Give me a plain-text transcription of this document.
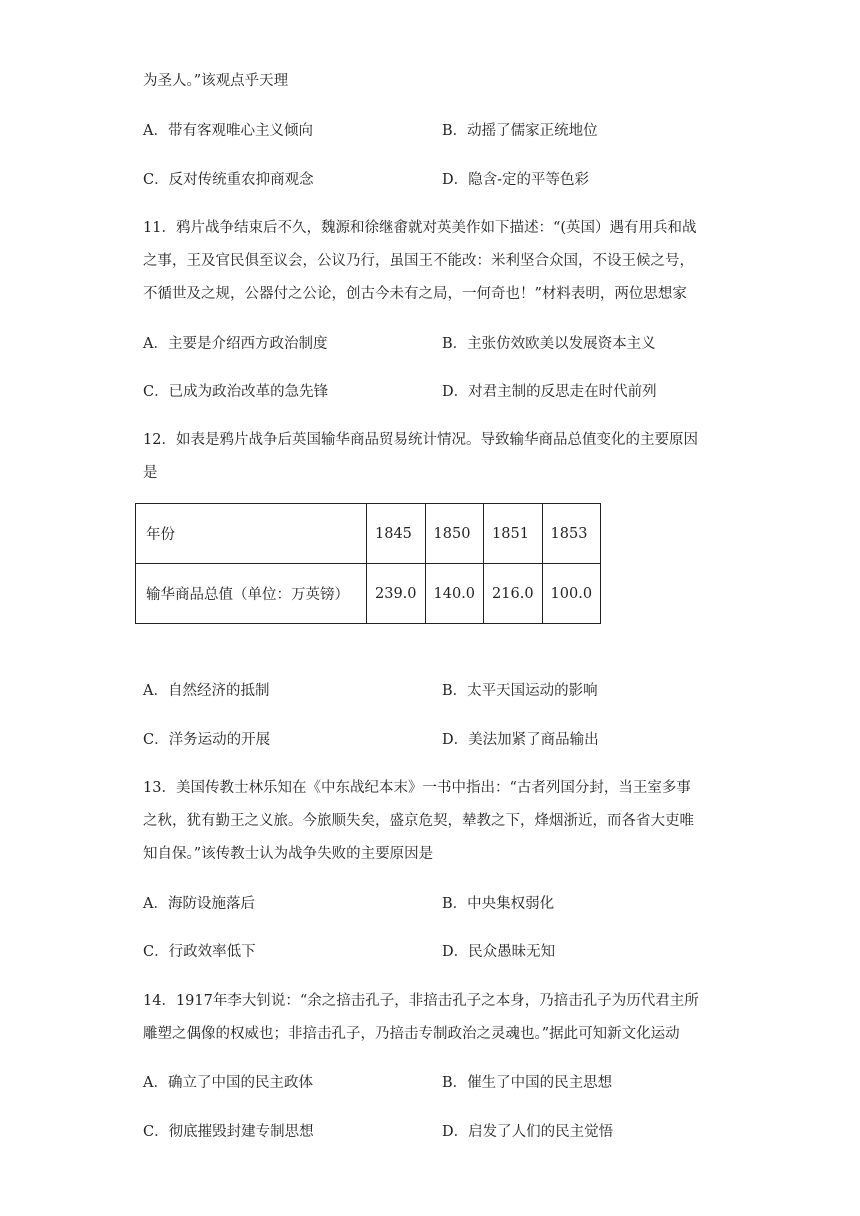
为圣人。”该观点乎天理
A．带有客观唯心主义倾向	B．动摇了儒家正统地位
C．反对传统重农抑商观念	D．隐含-定的平等色彩
11．鸦片战争结束后不久，魏源和徐继畬就对英美作如下描述：“(英国）遇有用兵和战
之事，王及官民俱至议会，公议乃行，虽国王不能改：米利坚合众国，不设王候之号，
不循世及之规，公器付之公论，创古今未有之局，一何奇也！”材料表明，两位思想家
A．主要是介绍西方政治制度	B．主张仿效欧美以发展资本主义
C．已成为政治改革的急先锋	D．对君主制的反思走在时代前列
12．如表是鸦片战争后英国输华商品贸易统计情况。导致输华商品总值变化的主要原因
是
年份	1845	1850	1851	1853
输华商品总值（单位：万英镑）	239.0	140.0	216.0	100.0
A．自然经济的抵制	B．太平天国运动的影响
C．洋务运动的开展	D．美法加紧了商品输出
13．美国传教士林乐知在《中东战纪本末》一书中指出：“古者列国分封，当王室多事
之秋，犹有勤王之义旅。今旅顺失矣，盛京危契，辇教之下，烽烟浙近，而各省大吏唯
知自保。”该传教士认为战争失败的主要原因是
A．海防设施落后	B．中央集权弱化
C．行政效率低下	D．民众愚昧无知
14．1917年李大钊说：“余之掊击孔子，非掊击孔子之本身，乃掊击孔子为历代君主所
雕塑之偶像的权威也；非掊击孔子，乃掊击专制政治之灵魂也。”据此可知新文化运动
A．确立了中国的民主政体	B．催生了中国的民主思想
C．彻底摧毁封建专制思想	D．启发了人们的民主觉悟
